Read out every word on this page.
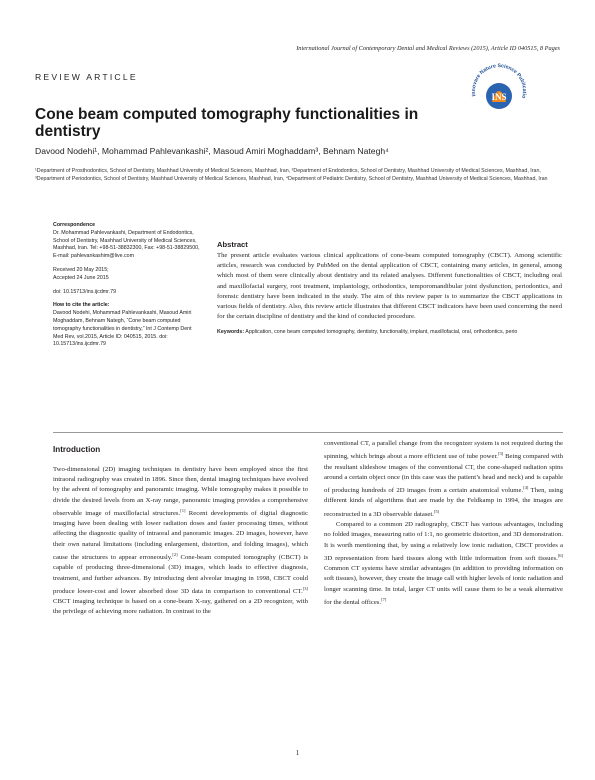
International Journal of Contemporary Dental and Medical Reviews (2015), Article ID 040515, 8 Pages
REVIEW ARTICLE
Innovare Nature Science Publicatio
INS
Cone beam computed tomography functionalities in dentistry
Davood Nodehi¹, Mohammad Pahlevankashi², Masoud Amiri Moghaddam³, Behnam Nategh⁴
¹Department of Prosthodontics, School of Dentistry, Mashhad University of Medical Sciences, Mashhad, Iran, ²Department of Endodontics, School of Dentistry, Mashhad University of Medical Sciences, Mashhad, Iran, ³Department of Periodontics, School of Dentistry, Mashhad University of Medical Sciences, Mashhad, Iran, ⁴Department of Pediatric Dentistry, School of Dentistry, Mashhad University of Medical Sciences, Mashhad, Iran
Correspondence
Dr. Mohammad Pahlevankashi, Department of Endodontics, School of Dentistry, Mashhad University of Medical Sciences, Mashhad, Iran. Tel: +98-51-38832300, Fax: +98-51-38829500, E-mail: pahlevankashim@live.com
Received 20 May 2015;
Accepted 24 June 2015
doi: 10.15713/ins.ijcdmr.79
How to cite the article:
Davood Nodehi, Mohammad Pahlevankashi, Masoud Amiri Moghaddam, Behnam Nategh, “Cone beam computed tomography functionalities in dentistry,” Int J Contemp Dent Med Rev, vol.2015, Article ID: 040515, 2015. doi: 10.15713/ins.ijcdmr.79
Abstract
The present article evaluates various clinical applications of cone-beam computed tomography (CBCT). Among scientific articles, research was conducted by PubMed on the dental application of CBCT, containing many articles, in general, among which most of them were clinically about dentistry and its related analyses. Different functionalities of CBCT, including oral and maxillofacial surgery, root treatment, implantology, orthodontics, temporomandibular joint dysfunction, periodontics, and forensic dentistry have been indicated in the study. The aim of this review paper is to summarize the CBCT applications in various fields of dentistry. Also, this review article illustrates that different CBCT indicators have been used concerning the need for the certain discipline of dentistry and the kind of conducted procedure.
Keywords: Application, cone beam computed tomography, dentistry, functionality, implant, maxillofacial, oral, orthodontics, perio
Introduction

Two-dimensional (2D) imaging techniques in dentistry have been employed since the first intraoral radiography was created in 1896. Since then, dental imaging techniques have evolved by the advent of tomography and panoramic imaging. While tomography makes it possible to divide the desired levels from an X-ray range, panoramic imaging provides a comprehensive observable image of maxillofacial structures.[1] Recent developments of digital diagnostic imaging have been dealing with lower radiation doses and faster processing times, without affecting the diagnostic quality of intraoral and panoramic images. 2D images, however, have their own natural limitations (including enlargement, distortion, and folding images), which cause the structures to appear erroneously.[2] Cone-beam computed tomography (CBCT) is capable of producing three-dimensional (3D) images, which leads to effective diagnosis, treatment, and further advances. By introducing dent alveolar imaging in 1998, CBCT could produce lower-cost and lower absorbed dose 3D data in comparison to conventional CT.[3] CBCT imaging technique is based on a cone-beam X-ray, gathered on a 2D recognizer, with the privilege of achieving more radiation. In contrast to the

conventional CT, a parallel change from the recognizer system is not required during the spinning, which brings about a more efficient use of tube power.[3] Being compared with the resultant slideshow images of the conventional CT, the cone-shaped radiation spins around a certain object once (in this case was the patient’s head and neck) and is capable of producing hundreds of 2D images from a certain anatomical volume.[4] Then, using different kinds of algorithms that are made by the Feldkamp in 1994, the images are reconstructed in a 3D observable dataset.[5]

Compared to a common 2D radiography, CBCT has various advantages, including no folded images, measuring ratio of 1:1, no geometric distortion, and 3D demonstration. It is worth mentioning that, by using a relatively low ionic radiation, CBCT provides a 3D representation from hard tissues along with little information from soft tissues.[6] Common CT systems have similar advantages (in addition to providing information on soft tissues), however, they create the image call with higher levels of ionic radiation and longer scanning time. In total, larger CT units will cause them to be a weak alternative for the dental offices.[7]

1
